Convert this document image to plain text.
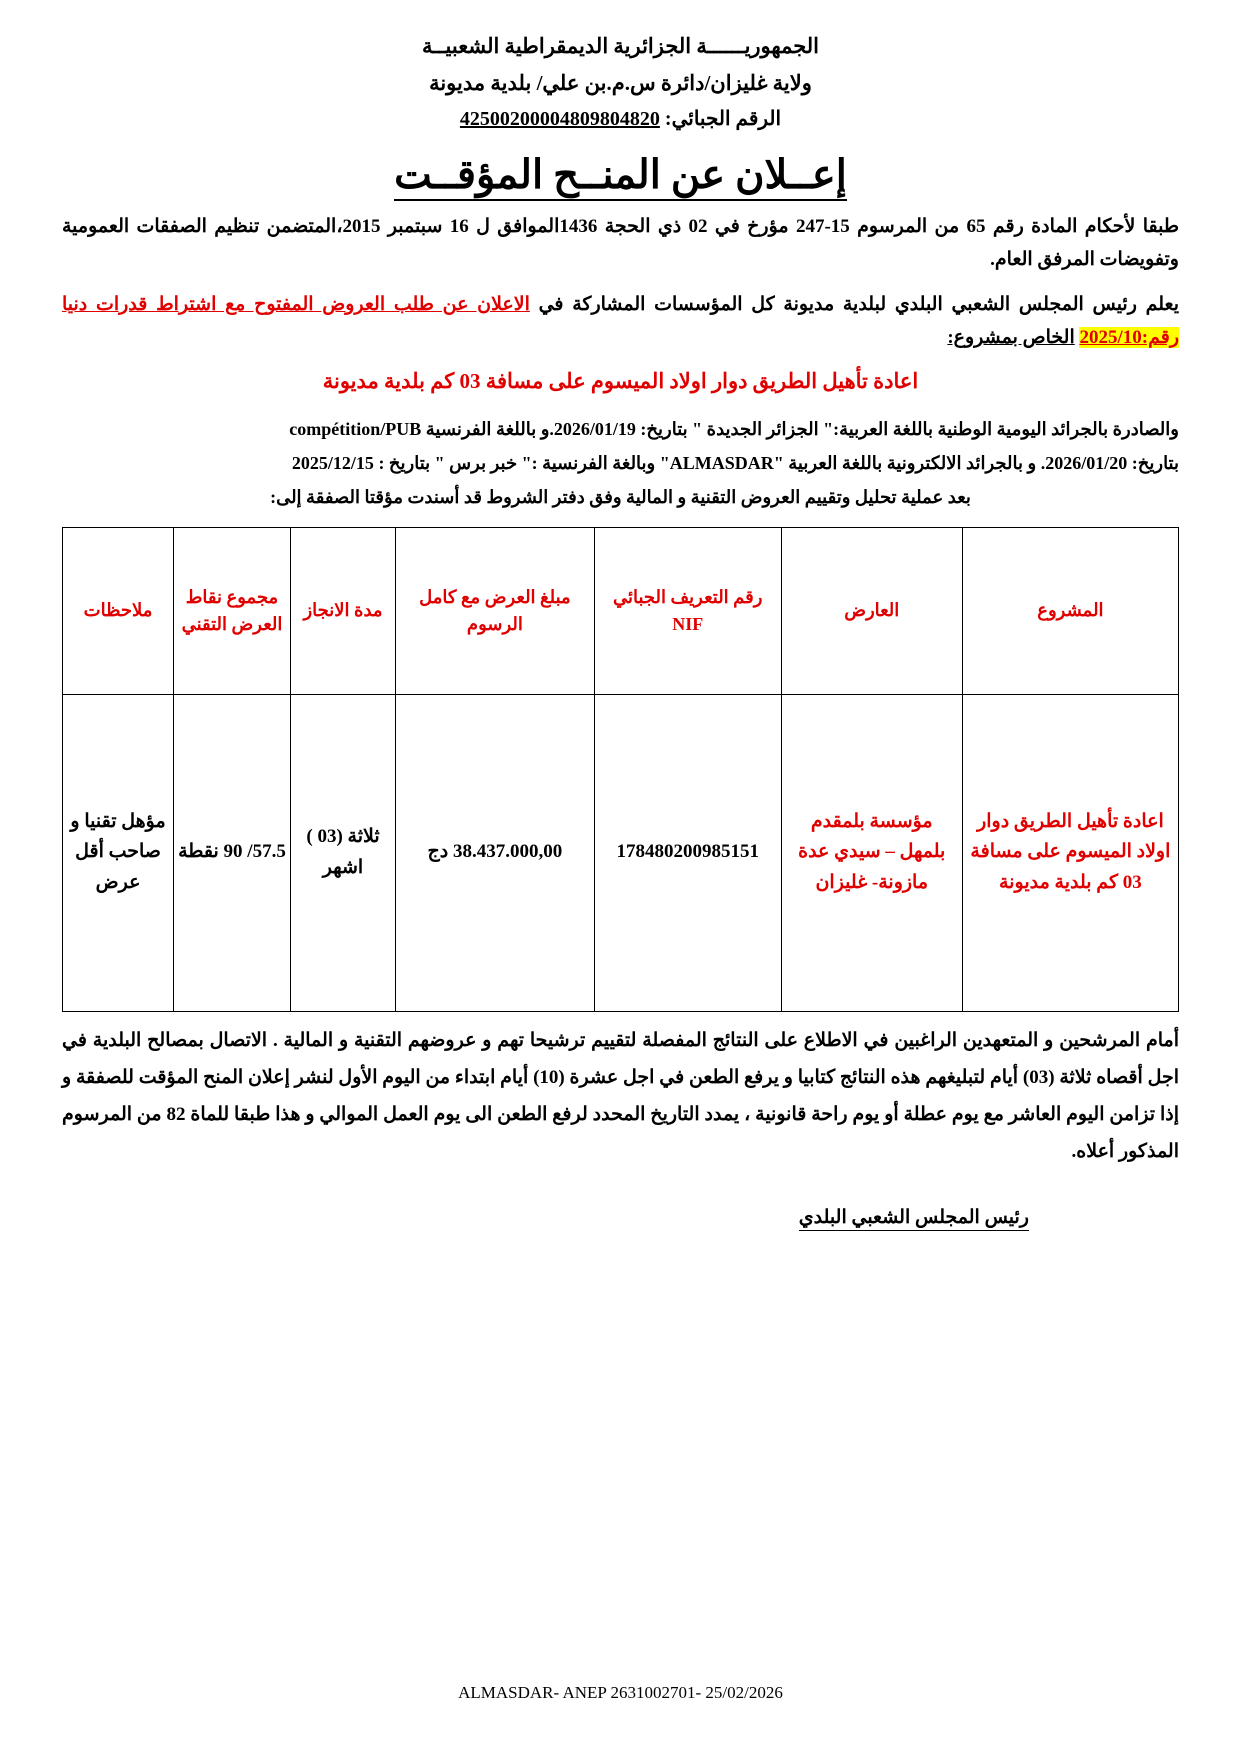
الجمهوريــــــة الجزائرية الديمقراطية الشعبيــة
ولاية غليزان/دائرة س.م.بن علي/ بلدية مديونة
الرقم الجبائي: 42500200004809804820
إعــلان عن المنــح المؤقــت
طبقا لأحكام المادة رقم 65 من المرسوم 15-247 مؤرخ في 02 ذي الحجة 1436الموافق ل 16 سبتمبر 2015،المتضمن تنظيم الصفقات العمومية وتفويضات المرفق العام.
يعلم رئيس المجلس الشعبي البلدي لبلدية مديونة كل المؤسسات المشاركة في الاعلان عن طلب العروض المفتوح مع اشتراط قدرات دنيا رقم:2025/10 الخاص بمشروع:
اعادة تأهيل الطريق دوار اولاد الميسوم على مسافة 03 كم بلدية مديونة
والصادرة بالجرائد اليومية الوطنية باللغة العربية:" الجزائر الجديدة " بتاريخ: 2026/01/19.و باللغة الفرنسية compétition/PUB
بتاريخ: 2026/01/20. و بالجرائد الالكترونية باللغة العربية "ALMASDAR" وبالغة الفرنسية :" خبر برس " بتاريخ : 2025/12/15
بعد عملية تحليل وتقييم العروض التقنية و المالية وفق دفتر الشروط قد أسندت مؤقتا الصفقة إلى:
المشروع	العارض	رقم التعريف الجبائي NIF	مبلغ العرض مع كامل الرسوم	مدة الانجاز	مجموع نقاط العرض التقني	ملاحظات
اعادة تأهيل الطريق دوار اولاد الميسوم على مسافة 03 كم بلدية مديونة	مؤسسة بلمقدم بلمهل – سيدي عدة مازونة- غليزان	178480200985151	38.437.000,00 دج	ثلاثة (03 ) اشهر	57.5/ 90 نقطة	مؤهل تقنيا و صاحب أقل عرض
أمام المرشحين و المتعهدين الراغبين في الاطلاع على النتائج المفصلة لتقييم ترشيحا تهم و عروضهم التقنية و المالية . الاتصال بمصالح البلدية في اجل أقصاه ثلاثة (03) أيام لتبليغهم هذه النتائج كتابيا و يرفع الطعن في اجل عشرة (10) أيام ابتداء من اليوم الأول لنشر إعلان المنح المؤقت للصفقة و إذا تزامن اليوم العاشر مع يوم عطلة أو يوم راحة قانونية ، يمدد التاريخ المحدد لرفع الطعن الى يوم العمل الموالي و هذا طبقا للماة 82 من المرسوم المذكور أعلاه.
رئيس المجلس الشعبي البلدي
ALMASDAR- ANEP 2631002701- 25/02/2026
